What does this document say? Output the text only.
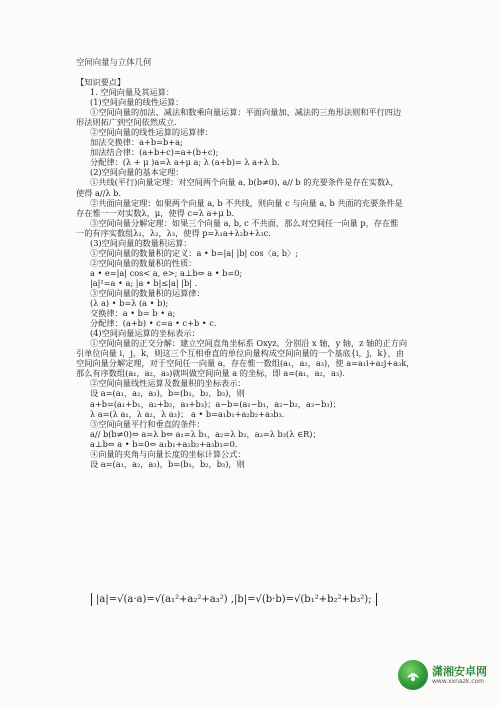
空间向量与立体几何
【知识要点】
1. 空间向量及其运算：
(1)空间向量的线性运算：
①空间向量的加法、减法和数乘向量运算：平面向量加、减法的三角形法则和平行四边
形法则拓广到空间依然成立.
②空间向量的线性运算的运算律：
加法交换律：a+b=b+a;
加法结合律：(a+b+c)=a+(b+c);
分配律：(λ + μ )a=λ a+μ a; λ (a+b)= λ a+λ b.
(2)空间向量的基本定理：
①共线(平行)向量定理：对空间两个向量 a, b(b≠0), a// b 的充要条件是存在实数λ，
使得 a//λ b.
②共面向量定理：如果两个向量 a, b 不共线，则向量 c 与向量 a, b 共面的充要条件是
存在惟一一对实数λ，μ，使得 c=λ a+μ b.
③空间向量分解定理：如果三个向量 a, b, c 不共面，那么对空间任一向量 p，存在惟
一的有序实数组λ₁，λ₂，λ₃，使得 p=λ₁a+λ₂b+λ₃c.
(3)空间向量的数量积运算：
①空间向量的数量积的定义：a • b=|a| |b| cos〈a, b〉;
②空间向量的数量积的性质：
a • e=|a| cos< a, e>; a⊥b⇔ a • b=0;
|a|²=a • a; |a • b|≤|a| |b| .
③空间向量的数量积的运算律：
(λ a) • b=λ (a • b);
交换律：a • b= b • a;
分配律：(a+b) • c=a • c+b • c.
(4)空间向量运算的坐标表示：
①空间向量的正交分解：建立空间直角坐标系 Oxyz，分别沿 x 轴，y 轴，z 轴的正方向
引单位向量 i，j，k，则这三个互相垂直的单位向量构成空间向量的一个基底{i，j，k}，由
空间向量分解定理，对于空间任一向量 a，存在惟一数组(a₁，a₂，a₃)，使 a=a₁i+a₂j+a₃k，
那么有序数组(a₁，a₂，a₃)就叫做空间向量 a 的坐标，即 a=(a₁，a₂，a₃).
②空间向量线性运算及数量积的坐标表示：
设 a=(a₁，a₂，a₃)，b=(b₁，b₂，b₃)，则
a+b=(a₁+b₁，a₂+b₂，a₃+b₃)；a−b=(a₁−b₁，a₂−b₂，a₃−b₃)；
λ a=(λ a₁，λ a₂，λ a₃)； a • b=a₁b₁+a₂b₂+a₃b₃.
③空间向量平行和垂直的条件：
a// b(b≠0)⇔ a=λ b⇔ a₁=λ b₁，a₂=λ b₂，a₃=λ b₃(λ ∈R)；
a⊥b⇔ a • b=0⇔ a₁b₁+a₂b₂+a₃b₃=0.
④向量的夹角与向量长度的坐标计算公式：
设 a=(a₁，a₂，a₃)，b=(b₁，b₂，b₃)，则
|a|=√(a·a)=√(a₁²+a₂²+a₃²) ,|b|=√(b·b)=√(b₁²+b₂²+b₃²);
潇湘安卓网
www.xxnazk.com
